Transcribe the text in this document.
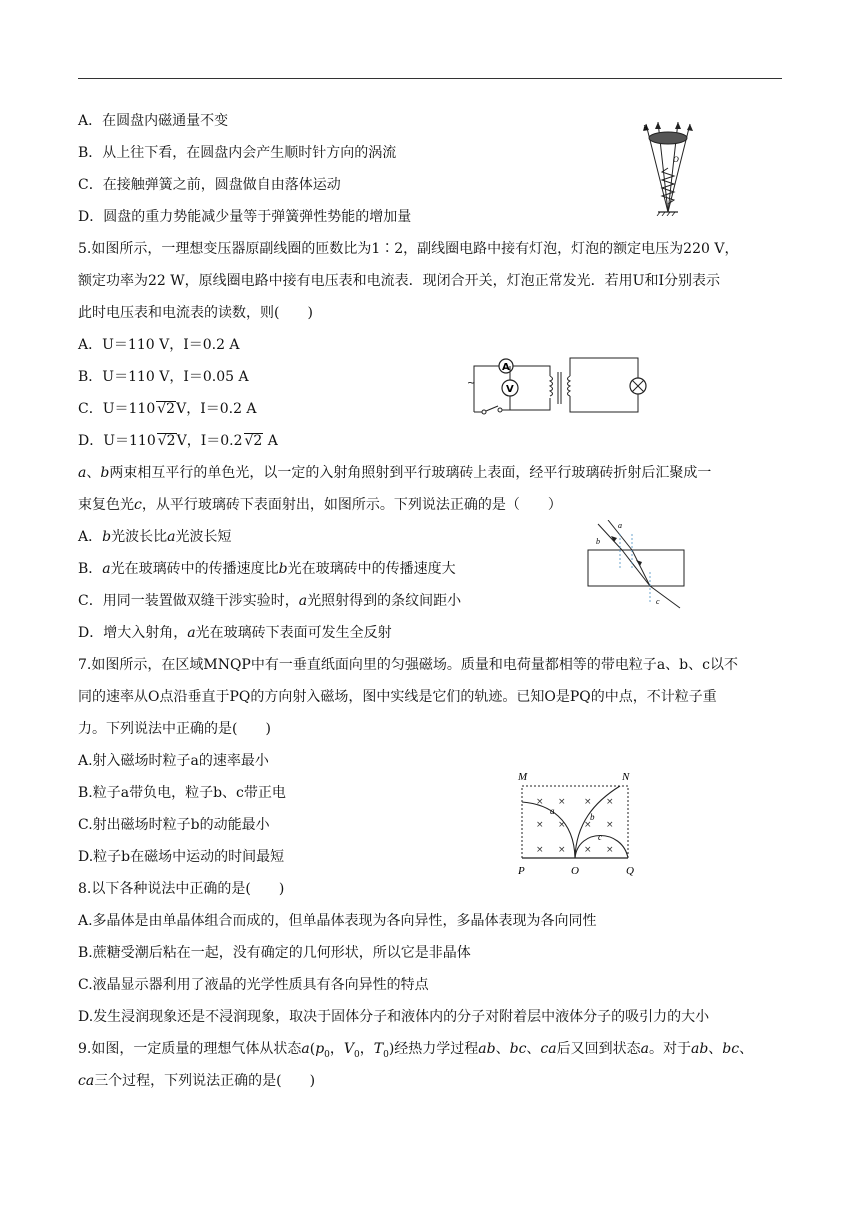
A．在圆盘内磁通量不变
B．从上往下看，在圆盘内会产生顺时针方向的涡流
C．在接触弹簧之前，圆盘做自由落体运动
D．圆盘的重力势能减少量等于弹簧弹性势能的增加量
B
O
5.如图所示，一理想变压器原副线圈的匝数比为1∶2，副线圈电路中接有灯泡，灯泡的额定电压为220 V，
额定功率为22 W，原线圈电路中接有电压表和电流表．现闭合开关，灯泡正常发光．若用U和I分别表示
此时电压表和电流表的读数，则(　　)
A．U＝110 V，I＝0.2 A
B．U＝110 V，I＝0.05 A
C．U＝110 √2V，I＝0.2 A
D．U＝110 √2V，I＝0.2 √2 A
~
A
V
a、b两束相互平行的单色光，以一定的入射角照射到平行玻璃砖上表面，经平行玻璃砖折射后汇聚成一
束复色光c，从平行玻璃砖下表面射出，如图所示。下列说法正确的是（　　）
A．b光波长比a光波长短
B．a光在玻璃砖中的传播速度比b光在玻璃砖中的传播速度大
C．用同一装置做双缝干涉实验时，a光照射得到的条纹间距小
D．增大入射角，a光在玻璃砖下表面可发生全反射
a
b
c
7.如图所示，在区域MNQP中有一垂直纸面向里的匀强磁场。质量和电荷量都相等的带电粒子a、b、c以不
同的速率从O点沿垂直于PQ的方向射入磁场，图中实线是它们的轨迹。已知O是PQ的中点，不计粒子重
力。下列说法中正确的是(　　)
A.射入磁场时粒子a的速率最小
B.粒子a带负电，粒子b、c带正电
C.射出磁场时粒子b的动能最小
D.粒子b在磁场中运动的时间最短
× × × ×
× × × ×
× × × ×
M	N
P	Q
O
a
b
c
8.以下各种说法中正确的是(　　)
A.多晶体是由单晶体组合而成的，但单晶体表现为各向异性，多晶体表现为各向同性
B.蔗糖受潮后粘在一起，没有确定的几何形状，所以它是非晶体
C.液晶显示器利用了液晶的光学性质具有各向异性的特点
D.发生浸润现象还是不浸润现象，取决于固体分子和液体内的分子对附着层中液体分子的吸引力的大小
9.如图，一定质量的理想气体从状态$a(p_0$，$V_0$，$T_0$)经热力学过程ab、bc、ca后又回到状态a。对于ab、bc、
ca三个过程，下列说法正确的是(　　)
